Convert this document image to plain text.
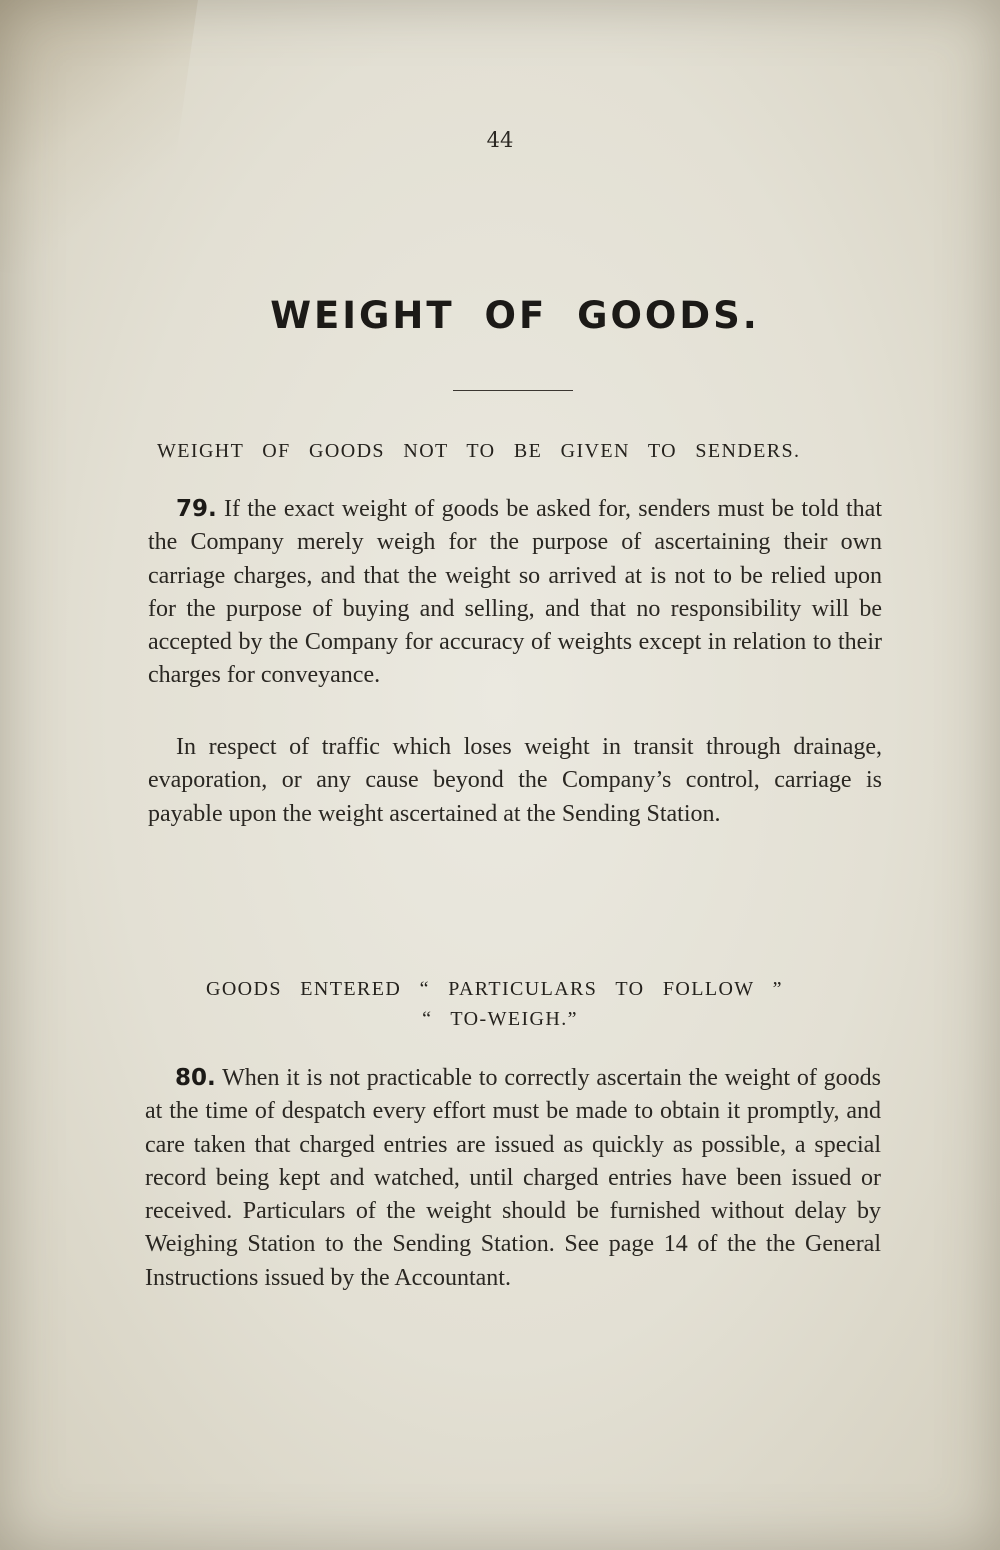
44
WEIGHT OF GOODS.
WEIGHT OF GOODS NOT TO BE GIVEN TO SENDERS.
79. If the exact weight of goods be asked for, senders must be told that the Company merely weigh for the purpose of ascertaining their own carriage charges, and that the weight so arrived at is not to be relied upon for the purpose of buying and selling, and that no responsibility will be accepted by the Company for accuracy of weights except in relation to their charges for conveyance.
In respect of traffic which loses weight in transit through drainage, evaporation, or any cause beyond the Company’s control, carriage is payable upon the weight ascertained at the Sending Station.
GOODS ENTERED “ PARTICULARS TO FOLLOW ”
“ TO-WEIGH.”
80. When it is not practicable to correctly ascertain the weight of goods at the time of despatch every effort must be made to obtain it promptly, and care taken that charged entries are issued as quickly as possible, a special record being kept and watched, until charged entries have been issued or received. Particulars of the weight should be furnished without delay by Weighing Station to the Sending Station. See page 14 of the the General Instructions issued by the Accountant.
